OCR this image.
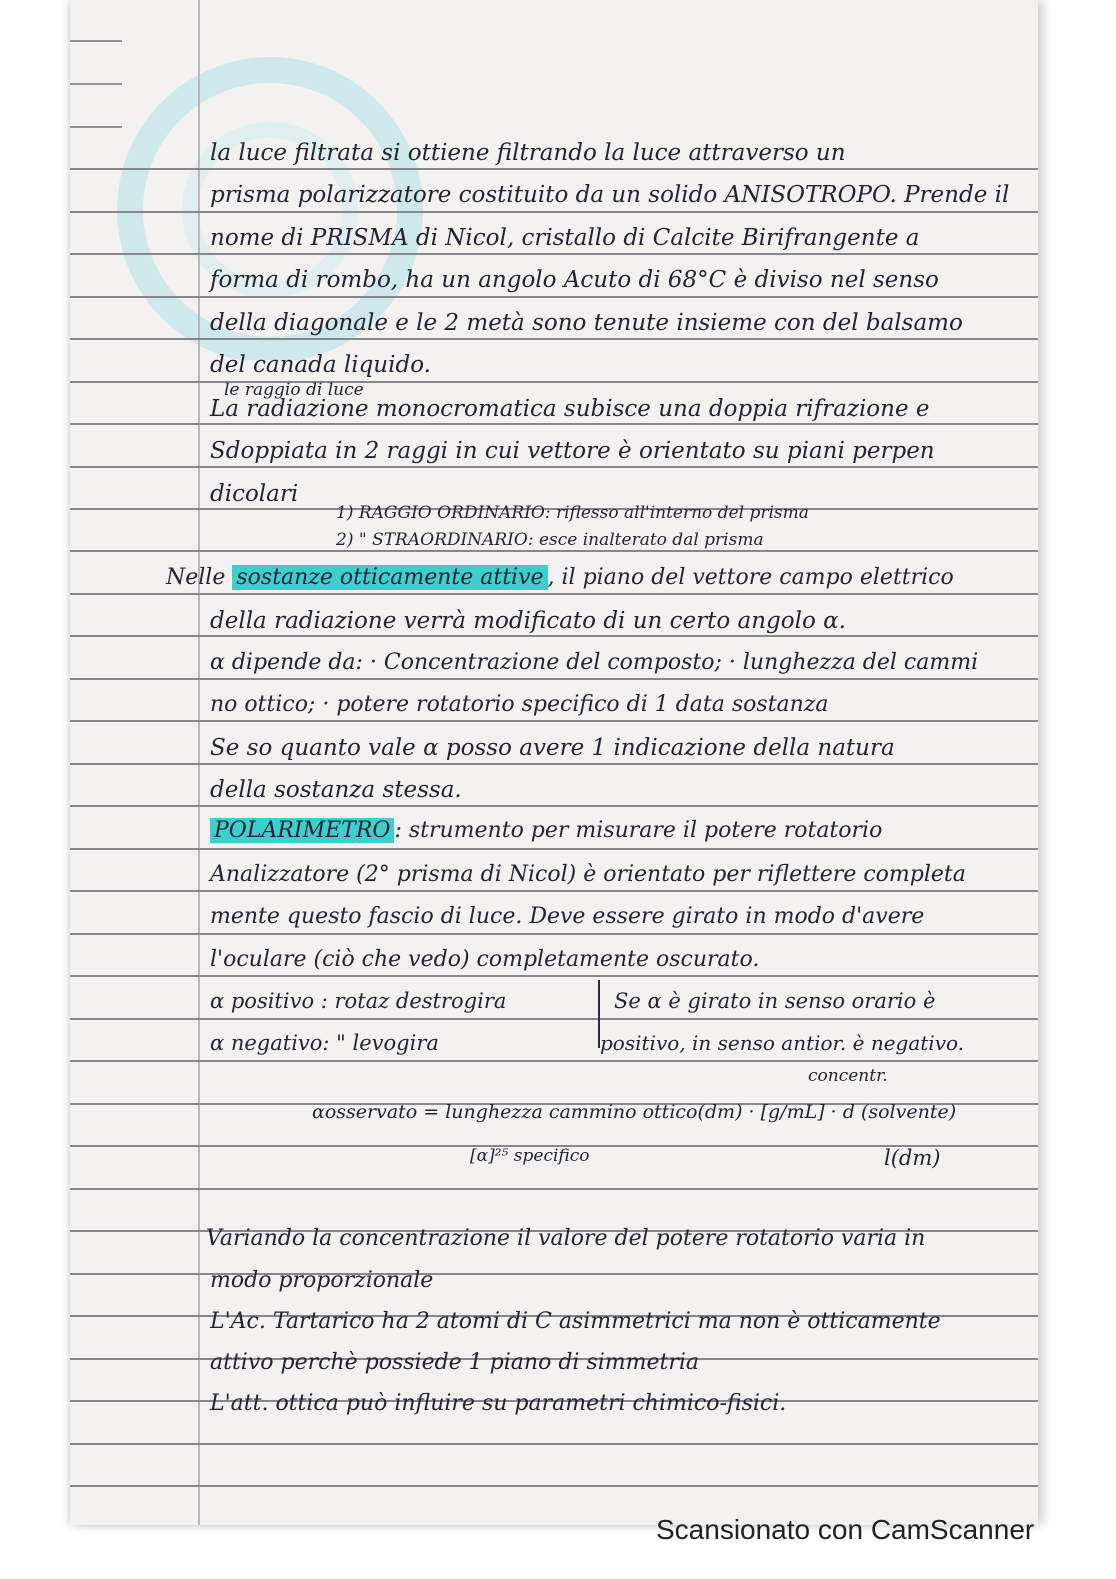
la luce filtrata si ottiene filtrando la luce attraverso un
prisma polarizzatore costituito da un solido ANISOTROPO. Prende il
nome di PRISMA di Nicol, cristallo di Calcite Birifrangente a
forma di rombo, ha un angolo Acuto di 68°C è diviso nel senso
della diagonale e le 2 metà sono tenute insieme con del balsamo
del canada liquido.
le raggio di luce
La radiazione monocromatica subisce una doppia rifrazione e
Sdoppiata in 2 raggi in cui vettore è orientato su piani perpen
dicolari
1) RAGGIO ORDINARIO: riflesso all'interno del prisma
2) " STRAORDINARIO: esce inalterato dal prisma
Nelle sostanze otticamente attive , il piano del vettore campo elettrico
della radiazione verrà modificato di un certo angolo α.
α dipende da: · Concentrazione del composto; · lunghezza del cammi
no ottico; · potere rotatorio specifico di 1 data sostanza
Se so quanto vale α posso avere 1 indicazione della natura
della sostanza stessa.
POLARIMETRO : strumento per misurare il potere rotatorio
Analizzatore (2° prisma di Nicol) è orientato per riflettere completa
mente questo fascio di luce. Deve essere girato in modo d'avere
l'oculare (ciò che vedo) completamente oscurato.
α positivo : rotaz destrogira
α negativo: " levogira
Se α è girato in senso orario è
positivo, in senso antior. è negativo.
concentr.
αosservato = lunghezza cammino ottico(dm) · [g/mL] · d (solvente)
[α]²⁵ specifico	l(dm)
Variando la concentrazione il valore del potere rotatorio varia in
modo proporzionale
L'Ac. Tartarico ha 2 atomi di C asimmetrici ma non è otticamente
attivo perchè possiede 1 piano di simmetria
L'att. ottica può influire su parametri chimico-fisici.
Scansionato con CamScanner
